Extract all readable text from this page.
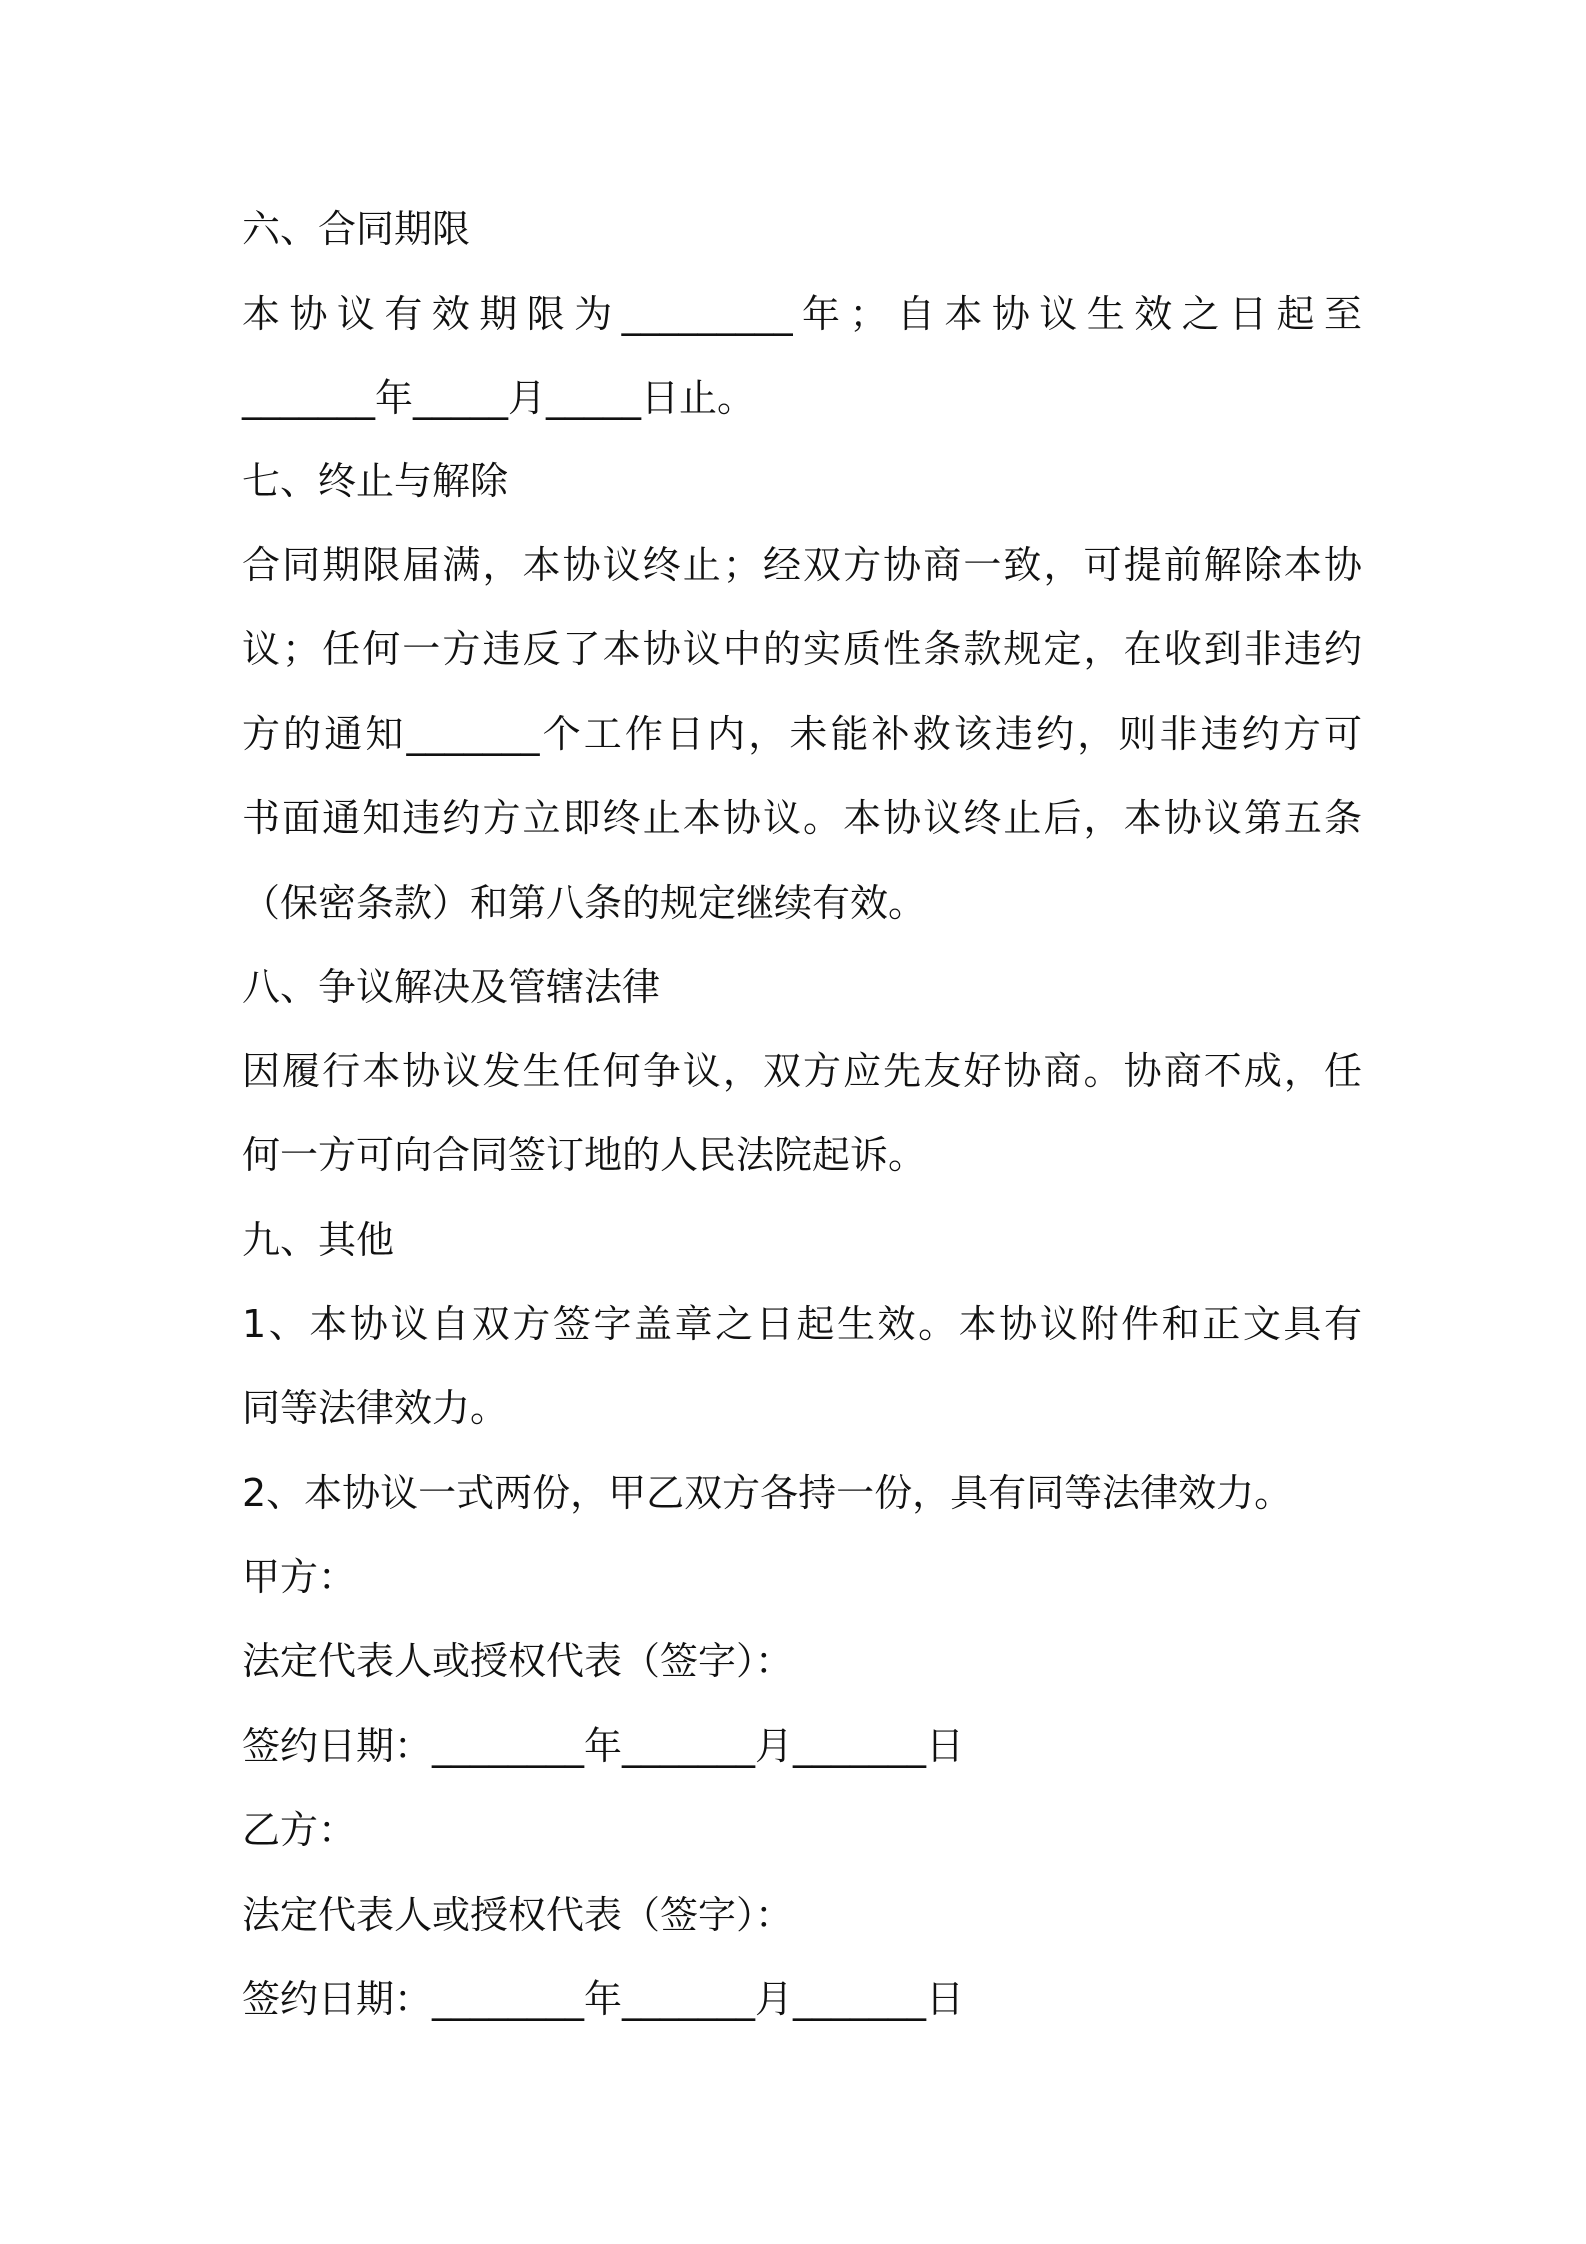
六、合同期限
本协议有效期限为_________年；自本协议生效之日起至
_______年_____月_____日止。
七、终止与解除
合同期限届满，本协议终止；经双方协商一致，可提前解除本协
议；任何一方违反了本协议中的实质性条款规定，在收到非违约
方的通知_______个工作日内，未能补救该违约，则非违约方可
书面通知违约方立即终止本协议。本协议终止后，本协议第五条
（保密条款）和第八条的规定继续有效。
八、争议解决及管辖法律
因履行本协议发生任何争议，双方应先友好协商。协商不成，任
何一方可向合同签订地的人民法院起诉。
九、其他
1、本协议自双方签字盖章之日起生效。本协议附件和正文具有
同等法律效力。
2、本协议一式两份，甲乙双方各持一份，具有同等法律效力。
甲方：
法定代表人或授权代表（签字）：
签约日期：________年_______月_______日
乙方：
法定代表人或授权代表（签字）：
签约日期：________年_______月_______日
